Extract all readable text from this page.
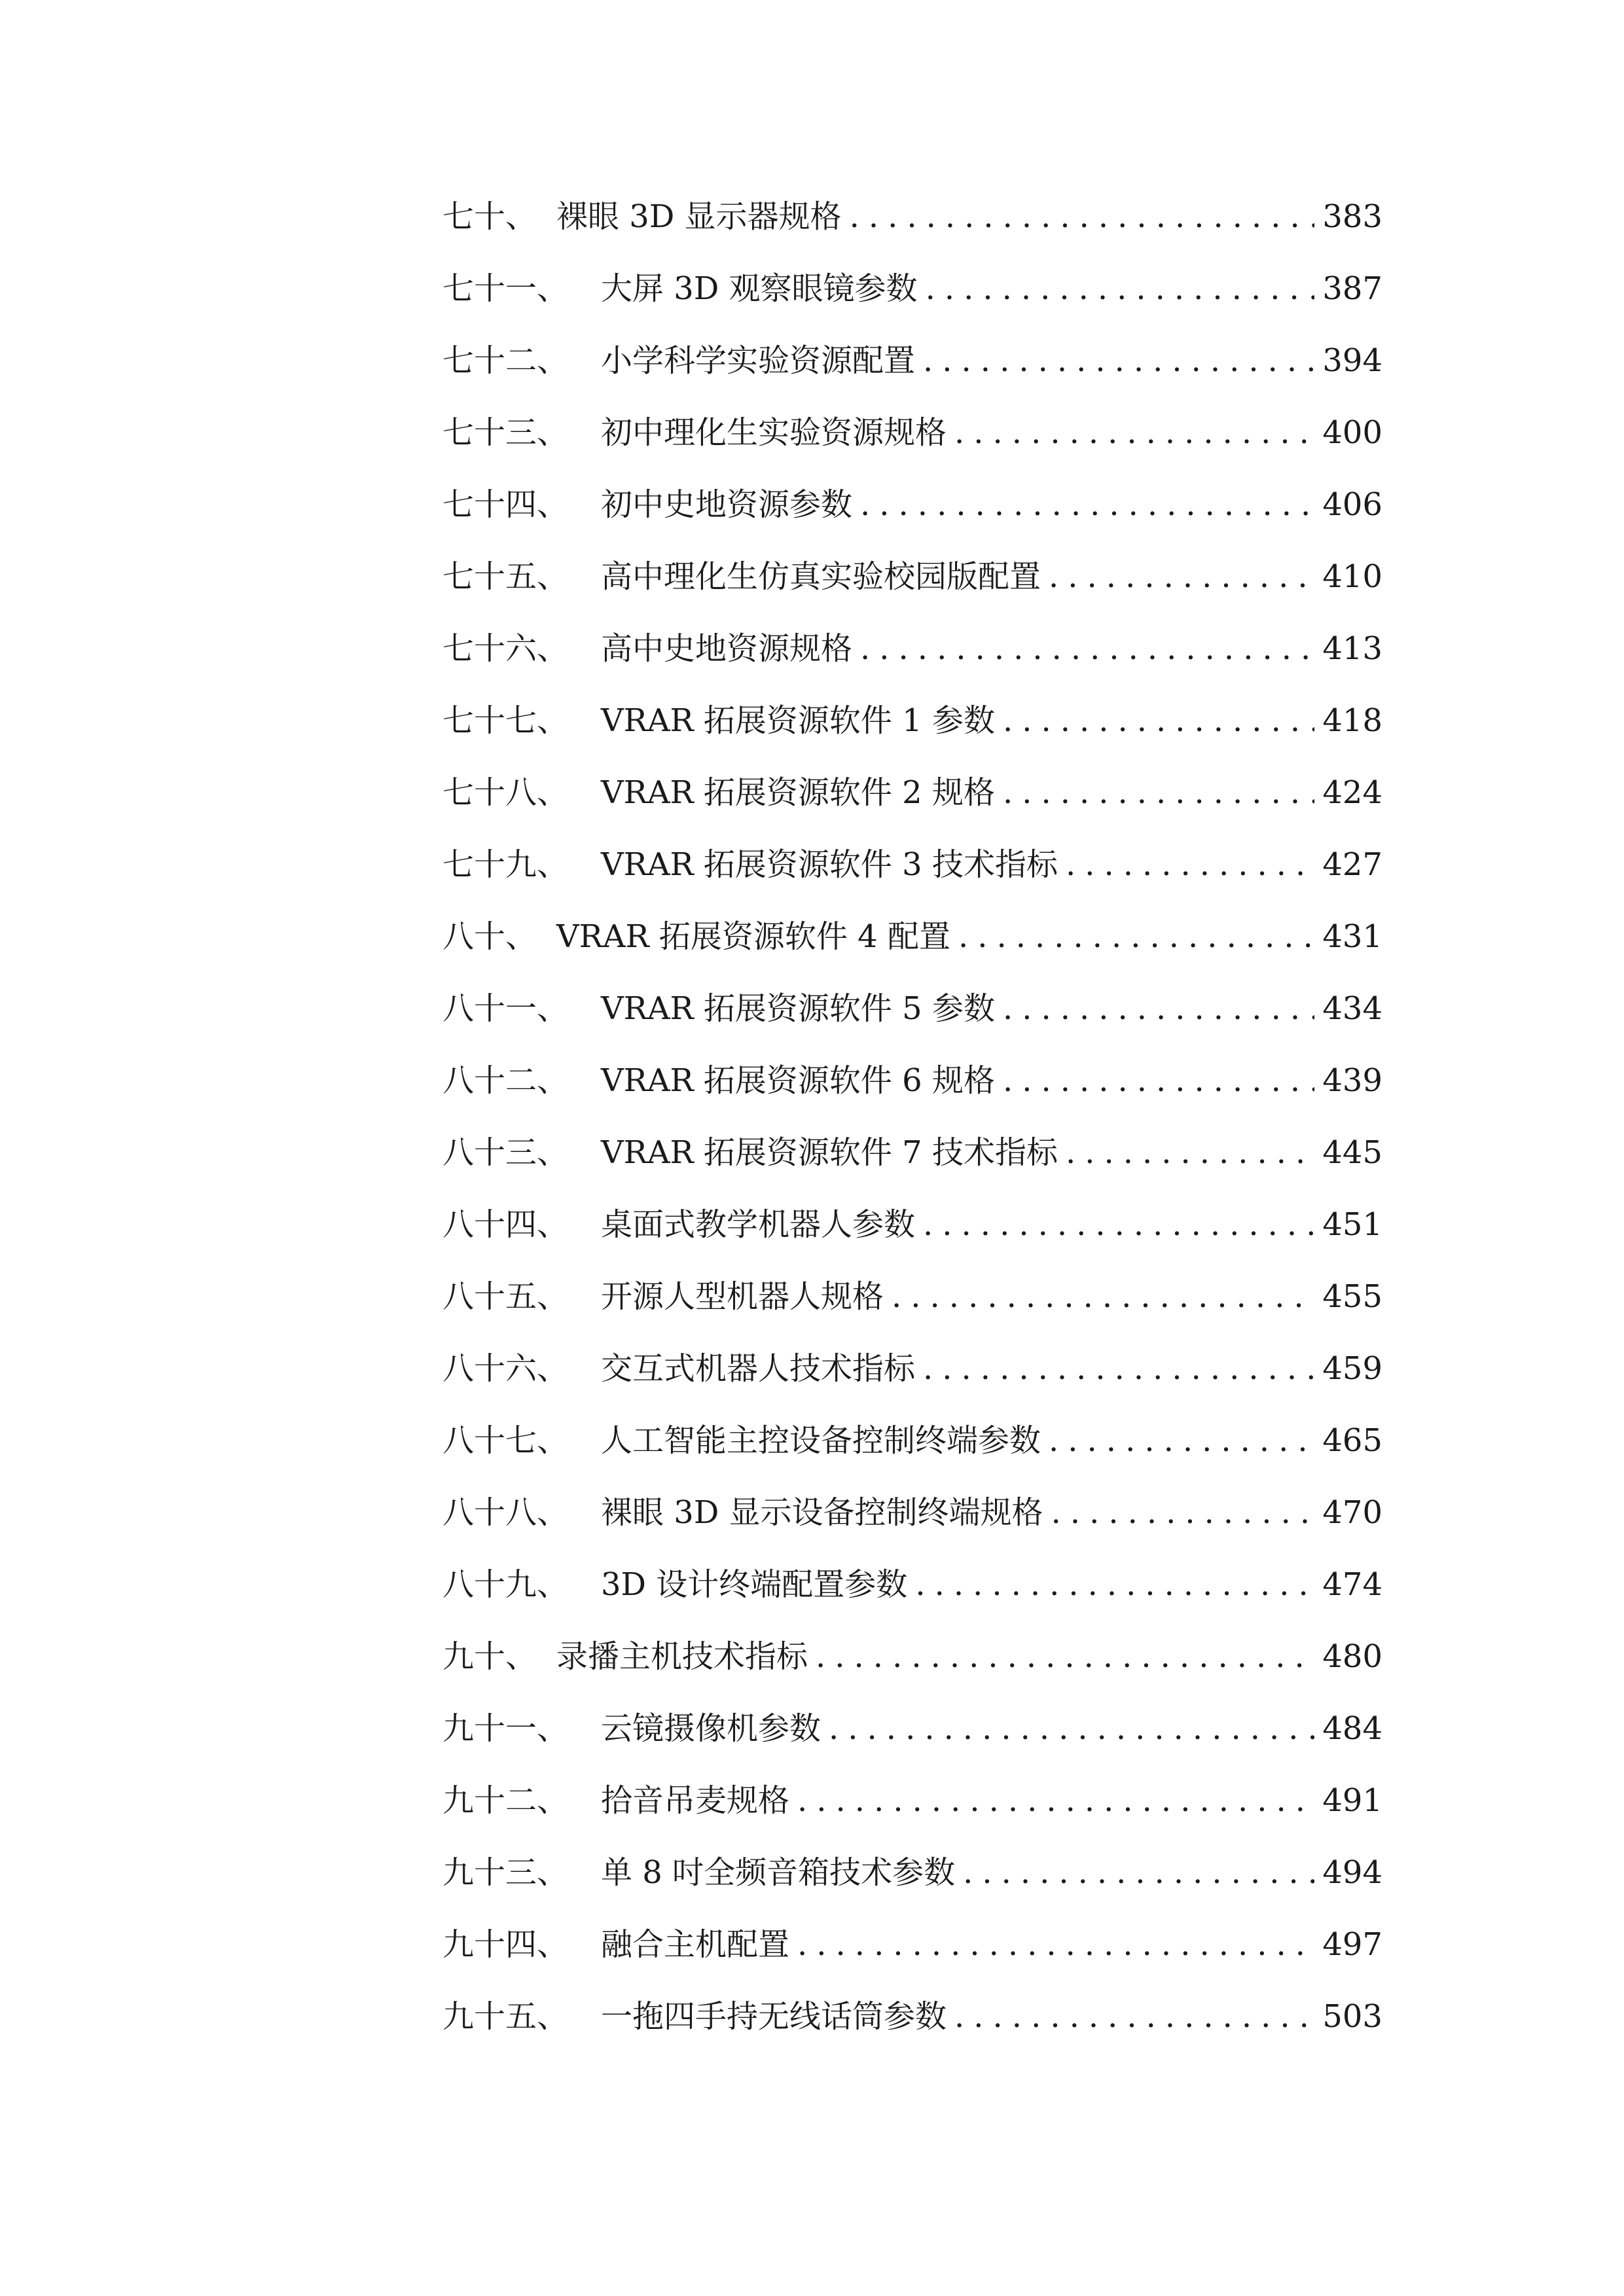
七十、 裸眼 3D 显示器规格 .....	383
七十一、 大屏 3D 观察眼镜参数 .....	387
七十二、 小学科学实验资源配置 .....	394
七十三、 初中理化生实验资源规格 .....	400
七十四、 初中史地资源参数 .....	406
七十五、 高中理化生仿真实验校园版配置 .....	410
七十六、 高中史地资源规格 .....	413
七十七、 VRAR 拓展资源软件 1 参数 .....	418
七十八、 VRAR 拓展资源软件 2 规格 .....	424
七十九、 VRAR 拓展资源软件 3 技术指标 .....	427
八十、 VRAR 拓展资源软件 4 配置 .....	431
八十一、 VRAR 拓展资源软件 5 参数 .....	434
八十二、 VRAR 拓展资源软件 6 规格 .....	439
八十三、 VRAR 拓展资源软件 7 技术指标 .....	445
八十四、 桌面式教学机器人参数 .....	451
八十五、 开源人型机器人规格 .....	455
八十六、 交互式机器人技术指标 .....	459
八十七、 人工智能主控设备控制终端参数 .....	465
八十八、 裸眼 3D 显示设备控制终端规格 .....	470
八十九、 3D 设计终端配置参数 .....	474
九十、 录播主机技术指标 .....	480
九十一、 云镜摄像机参数 .....	484
九十二、 拾音吊麦规格 .....	491
九十三、 单 8 吋全频音箱技术参数 .....	494
九十四、 融合主机配置 .....	497
九十五、 一拖四手持无线话筒参数 .....	503
